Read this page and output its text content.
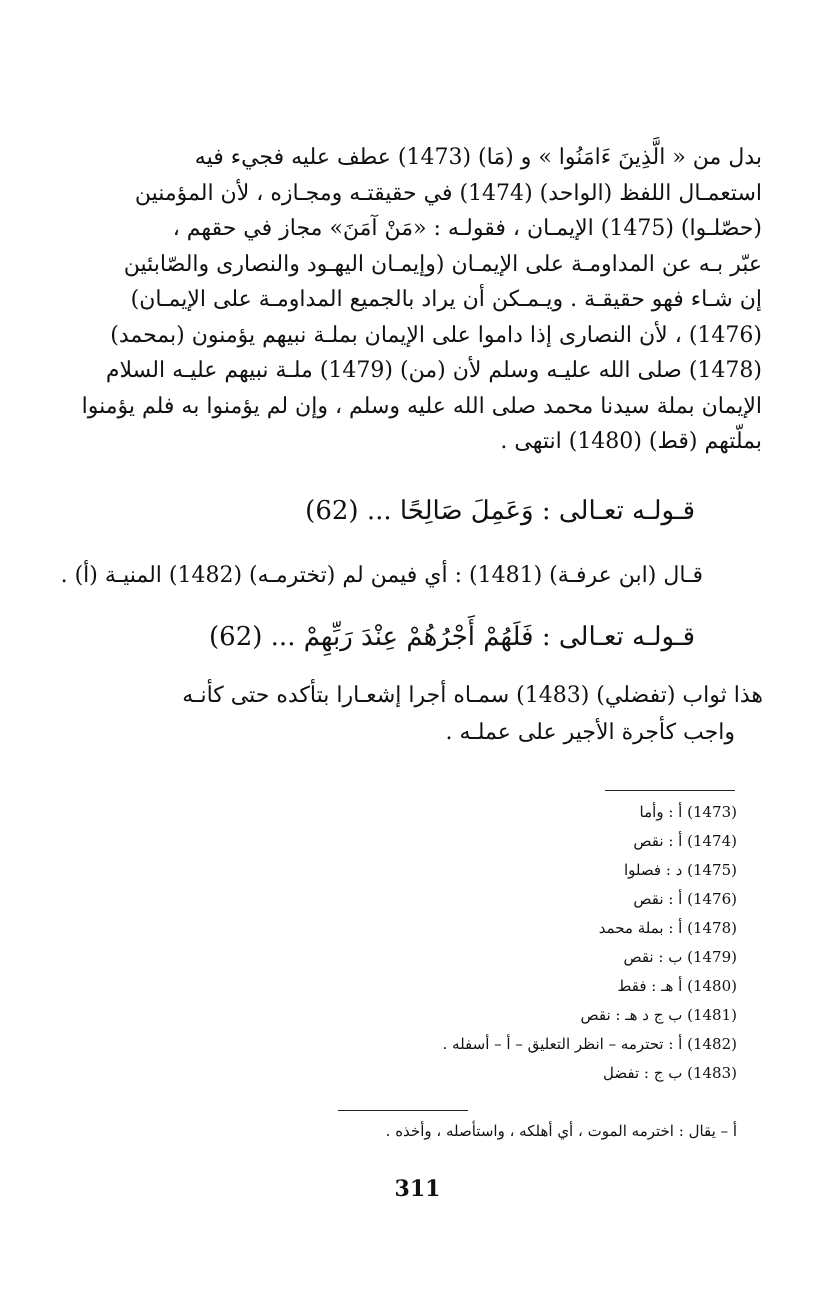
بدل من « الَّذِينَ ءَامَنُوا » و (مَا) (1473) عطف عليه فجيء فيه
استعمـال اللفظ (الواحد) (1474) في حقيقتـه ومجـازه ، لأن المؤمنين
(حصّلـوا) (1475) الإيمـان ، فقولـه : «مَنْ آمَنَ» مجاز في حقهم ،
عبّر بـه عن المداومـة على الإيمـان (وإيمـان اليهـود والنصارى والصّابئين
إن شـاء فهو حقيقـة . ويـمـكن أن يراد بالجميع المداومـة على الإيمـان)
(1476) ، لأن النصارى إذا داموا على الإيمان بملـة نبيهم يؤمنون (بمحمد)
(1478) صلى الله عليـه وسلم لأن (من) (1479) ملـة نبيهم عليـه السلام
الإيمان بملة سيدنا محمد صلى الله عليه وسلم ، وإن لم يؤمنوا به فلم يؤمنوا
بملّتهم (قط) (1480) انتهى .
قـولـه تعـالى : وَعَمِلَ صَالِحًا ... (62)
قـال (ابن عرفـة) (1481) : أي فيمن لم (تخترمـه) (1482) المنيـة (أ) .
قـولـه تعـالى : فَلَهُمْ أَجْرُهُمْ عِنْدَ رَبِّهِمْ ... (62)
هذا ثواب (تفضلي) (1483) سمـاه أجرا إشعـارا بتأكده حتى كأنـه
واجب كأجرة الأجير على عملـه .
(1473) أ : وأما
(1474) أ : نقص
(1475) د : فصلوا
(1476) أ : نقص
(1478) أ : بملة محمد
(1479) ب : نقص
(1480) أ هـ : فقط
(1481) ب ج د هـ : نقص
(1482) أ : تحترمه – انظر التعليق – أ – أسفله .
(1483) ب ج : تفضل
أ – يقال : اخترمه الموت ، أي أهلكه ، واستأصله ، وأخذه .
311
